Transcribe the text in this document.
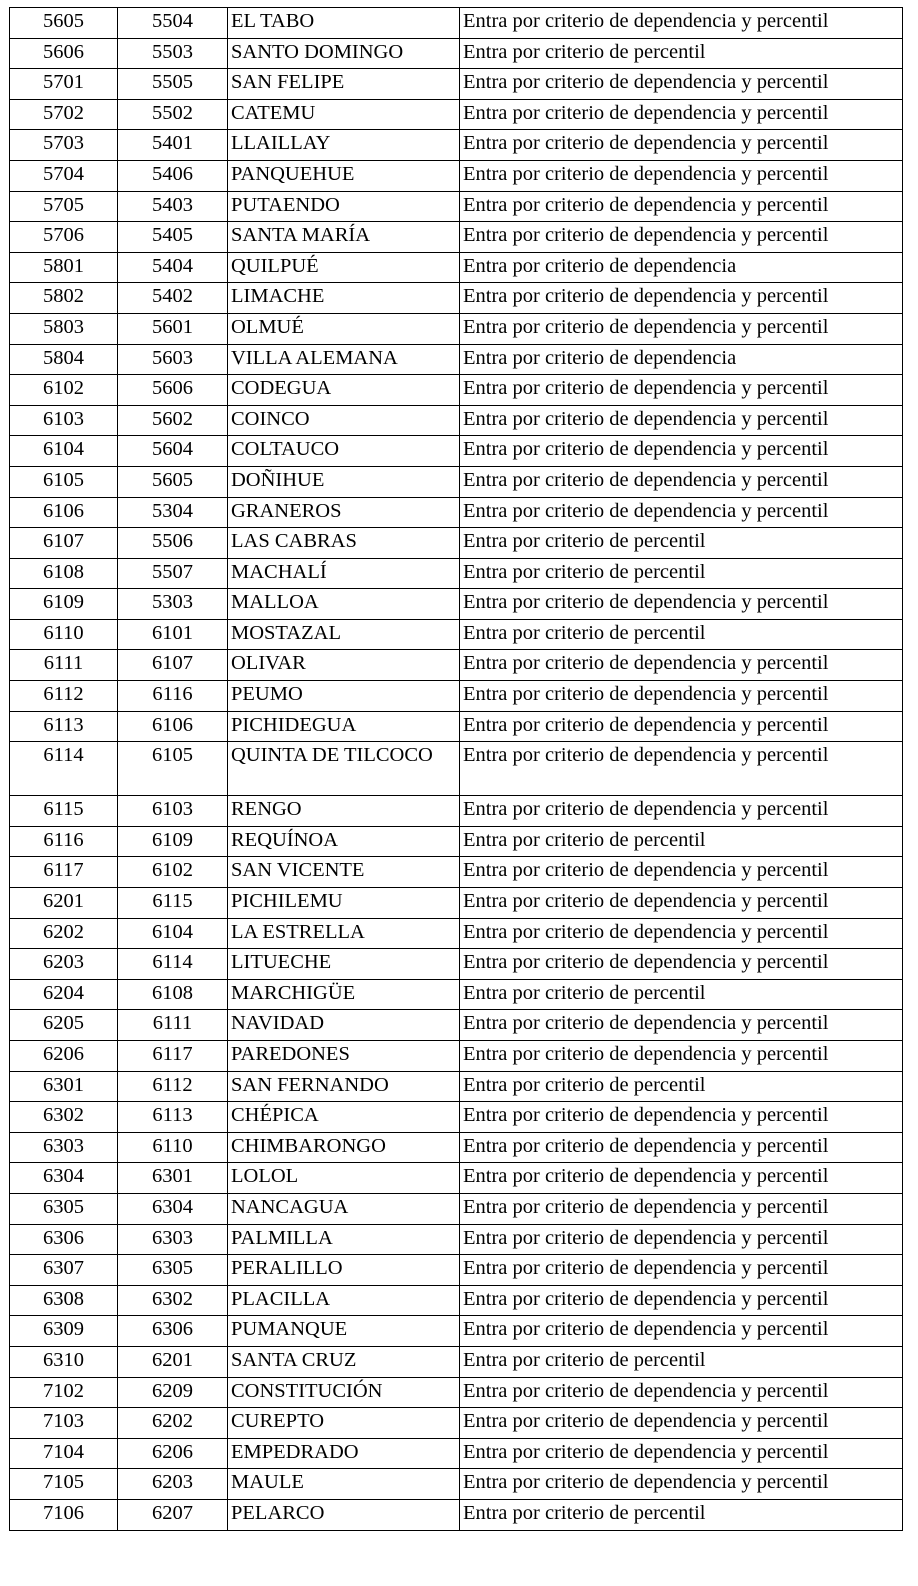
5605	5504	EL TABO	Entra por criterio de dependencia y percentil
5606	5503	SANTO DOMINGO	Entra por criterio de percentil
5701	5505	SAN FELIPE	Entra por criterio de dependencia y percentil
5702	5502	CATEMU	Entra por criterio de dependencia y percentil
5703	5401	LLAILLAY	Entra por criterio de dependencia y percentil
5704	5406	PANQUEHUE	Entra por criterio de dependencia y percentil
5705	5403	PUTAENDO	Entra por criterio de dependencia y percentil
5706	5405	SANTA MARÍA	Entra por criterio de dependencia y percentil
5801	5404	QUILPUÉ	Entra por criterio de dependencia
5802	5402	LIMACHE	Entra por criterio de dependencia y percentil
5803	5601	OLMUÉ	Entra por criterio de dependencia y percentil
5804	5603	VILLA ALEMANA	Entra por criterio de dependencia
6102	5606	CODEGUA	Entra por criterio de dependencia y percentil
6103	5602	COINCO	Entra por criterio de dependencia y percentil
6104	5604	COLTAUCO	Entra por criterio de dependencia y percentil
6105	5605	DOÑIHUE	Entra por criterio de dependencia y percentil
6106	5304	GRANEROS	Entra por criterio de dependencia y percentil
6107	5506	LAS CABRAS	Entra por criterio de percentil
6108	5507	MACHALÍ	Entra por criterio de percentil
6109	5303	MALLOA	Entra por criterio de dependencia y percentil
6110	6101	MOSTAZAL	Entra por criterio de percentil
6111	6107	OLIVAR	Entra por criterio de dependencia y percentil
6112	6116	PEUMO	Entra por criterio de dependencia y percentil
6113	6106	PICHIDEGUA	Entra por criterio de dependencia y percentil
6114	6105	QUINTA DE TILCOCO	Entra por criterio de dependencia y percentil
6115	6103	RENGO	Entra por criterio de dependencia y percentil
6116	6109	REQUÍNOA	Entra por criterio de percentil
6117	6102	SAN VICENTE	Entra por criterio de dependencia y percentil
6201	6115	PICHILEMU	Entra por criterio de dependencia y percentil
6202	6104	LA ESTRELLA	Entra por criterio de dependencia y percentil
6203	6114	LITUECHE	Entra por criterio de dependencia y percentil
6204	6108	MARCHIGÜE	Entra por criterio de percentil
6205	6111	NAVIDAD	Entra por criterio de dependencia y percentil
6206	6117	PAREDONES	Entra por criterio de dependencia y percentil
6301	6112	SAN FERNANDO	Entra por criterio de percentil
6302	6113	CHÉPICA	Entra por criterio de dependencia y percentil
6303	6110	CHIMBARONGO	Entra por criterio de dependencia y percentil
6304	6301	LOLOL	Entra por criterio de dependencia y percentil
6305	6304	NANCAGUA	Entra por criterio de dependencia y percentil
6306	6303	PALMILLA	Entra por criterio de dependencia y percentil
6307	6305	PERALILLO	Entra por criterio de dependencia y percentil
6308	6302	PLACILLA	Entra por criterio de dependencia y percentil
6309	6306	PUMANQUE	Entra por criterio de dependencia y percentil
6310	6201	SANTA CRUZ	Entra por criterio de percentil
7102	6209	CONSTITUCIÓN	Entra por criterio de dependencia y percentil
7103	6202	CUREPTO	Entra por criterio de dependencia y percentil
7104	6206	EMPEDRADO	Entra por criterio de dependencia y percentil
7105	6203	MAULE	Entra por criterio de dependencia y percentil
7106	6207	PELARCO	Entra por criterio de percentil
